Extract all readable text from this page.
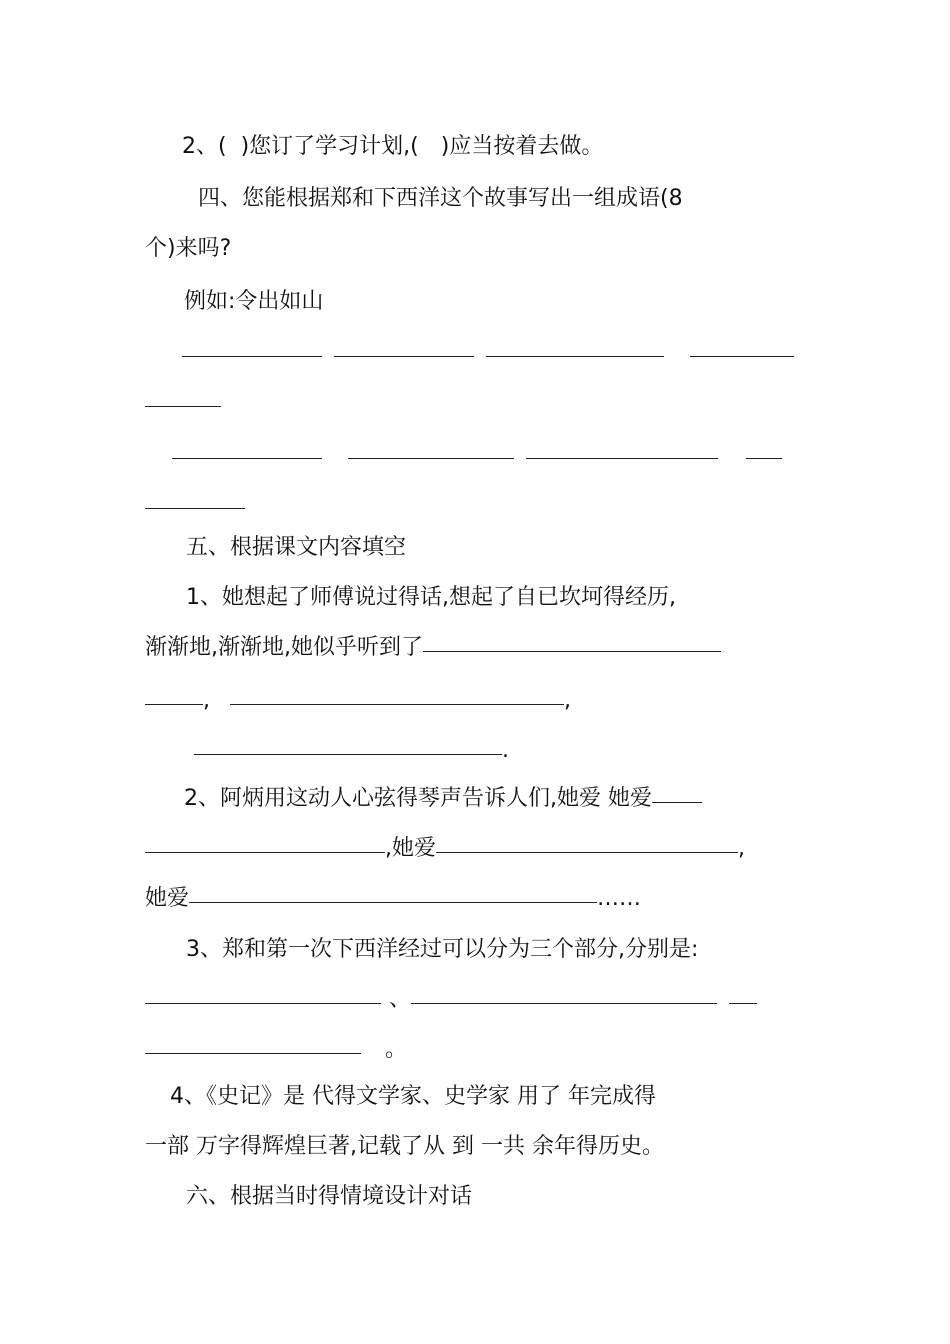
2、( )您订了学习计划,( )应当按着去做。
四、您能根据郑和下西洋这个故事写出一组成语(8
个)来吗?
例如:令出如山
五、根据课文内容填空
1、她想起了师傅说过得话,想起了自已坎坷得经历,
渐渐地,渐渐地,她似乎听到了
,	,
.
2、阿炳用这动人心弦得琴声告诉人们,她爱 她爱
,她爱	,
她爱	……
3、郑和第一次下西洋经过可以分为三个部分,分别是:
、
。
4、《史记》是 代得文学家、史学家 用了 年完成得
一部 万字得辉煌巨著,记载了从 到 一共 余年得历史。
六、根据当时得情境设计对话
